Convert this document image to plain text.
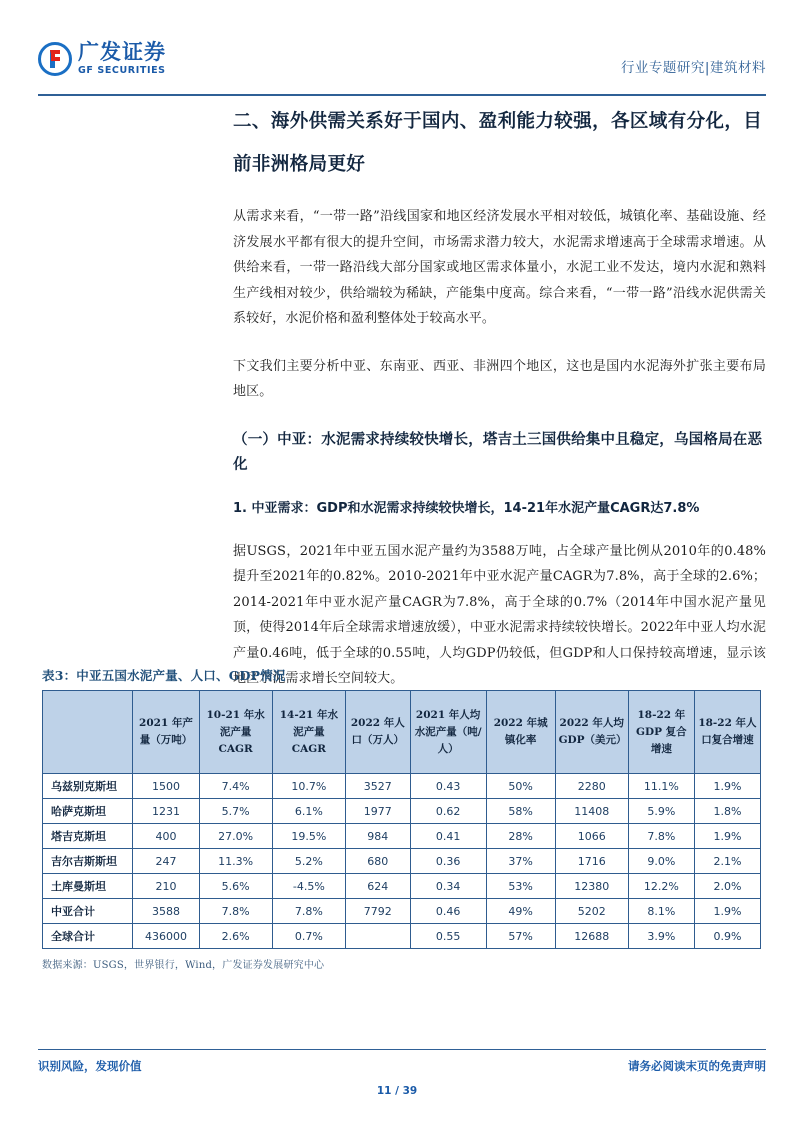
广发证券
GF SECURITIES	行业专题研究|建筑材料
二、海外供需关系好于国内、盈利能力较强，各区域有分化，目前非洲格局更好

从需求来看，“一带一路”沿线国家和地区经济发展水平相对较低，城镇化率、基础设施、经济发展水平都有很大的提升空间，市场需求潜力较大，水泥需求增速高于全球需求增速。从供给来看，一带一路沿线大部分国家或地区需求体量小，水泥工业不发达，境内水泥和熟料生产线相对较少，供给端较为稀缺，产能集中度高。综合来看，“一带一路”沿线水泥供需关系较好，水泥价格和盈利整体处于较高水平。

下文我们主要分析中亚、东南亚、西亚、非洲四个地区，这也是国内水泥海外扩张主要布局地区。

（一）中亚：水泥需求持续较快增长，塔吉土三国供给集中且稳定，乌国格局在恶化
1. 中亚需求：GDP和水泥需求持续较快增长，14-21年水泥产量CAGR达7.8%

据USGS，2021年中亚五国水泥产量约为3588万吨，占全球产量比例从2010年的0.48%提升至2021年的0.82%。2010-2021年中亚水泥产量CAGR为7.8%，高于全球的2.6%；2014-2021年中亚水泥产量CAGR为7.8%，高于全球的0.7%（2014年中国水泥产量见顶，使得2014年后全球需求增速放缓），中亚水泥需求持续较快增长。2022年中亚人均水泥产量0.46吨，低于全球的0.55吨，人均GDP仍较低，但GDP和人口保持较高增速，显示该地区水泥需求增长空间较大。

表3：中亚五国水泥产量、人口、GDP情况
	2021 年产量（万吨）	10-21 年水泥产量 CAGR	14-21 年水泥产量 CAGR	2022 年人口（万人）	2021 年人均水泥产量（吨/人）	2022 年城镇化率	2022 年人均 GDP（美元）	18-22 年 GDP 复合增速	18-22 年人口复合增速
乌兹别克斯坦	1500	7.4%	10.7%	3527	0.43	50%	2280	11.1%	1.9%
哈萨克斯坦	1231	5.7%	6.1%	1977	0.62	58%	11408	5.9%	1.8%
塔吉克斯坦	400	27.0%	19.5%	984	0.41	28%	1066	7.8%	1.9%
吉尔吉斯斯坦	247	11.3%	5.2%	680	0.36	37%	1716	9.0%	2.1%
土库曼斯坦	210	5.6%	-4.5%	624	0.34	53%	12380	12.2%	2.0%
中亚合计	3588	7.8%	7.8%	7792	0.46	49%	5202	8.1%	1.9%
全球合计	436000	2.6%	0.7%		0.55	57%	12688	3.9%	0.9%
数据来源：USGS，世界银行，Wind，广发证券发展研究中心
识别风险，发现价值	请务必阅读末页的免责声明
11 / 39
